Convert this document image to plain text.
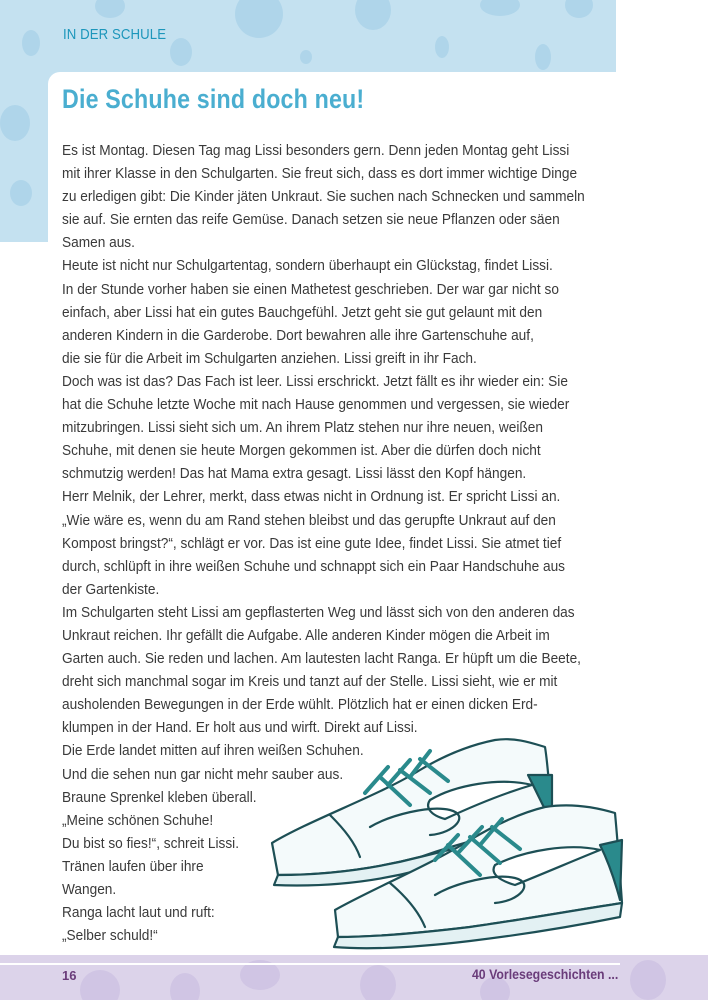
IN DER SCHULE
Die Schuhe sind doch neu!
Es ist Montag. Diesen Tag mag Lissi besonders gern. Denn jeden Montag geht Lissi
mit ihrer Klasse in den Schulgarten. Sie freut sich, dass es dort immer wichtige Dinge
zu erledigen gibt: Die Kinder jäten Unkraut. Sie suchen nach Schnecken und sammeln
sie auf. Sie ernten das reife Gemüse. Danach setzen sie neue Pflanzen oder säen
Samen aus.
Heute ist nicht nur Schulgartentag, sondern überhaupt ein Glückstag, findet Lissi.
In der Stunde vorher haben sie einen Mathetest geschrieben. Der war gar nicht so
einfach, aber Lissi hat ein gutes Bauchgefühl. Jetzt geht sie gut gelaunt mit den
anderen Kindern in die Garderobe. Dort bewahren alle ihre Gartenschuhe auf,
die sie für die Arbeit im Schulgarten anziehen. Lissi greift in ihr Fach.
Doch was ist das? Das Fach ist leer. Lissi erschrickt. Jetzt fällt es ihr wieder ein: Sie
hat die Schuhe letzte Woche mit nach Hause genommen und vergessen, sie wieder
mitzubringen. Lissi sieht sich um. An ihrem Platz stehen nur ihre neuen, weißen
Schuhe, mit denen sie heute Morgen gekommen ist. Aber die dürfen doch nicht
schmutzig werden! Das hat Mama extra gesagt. Lissi lässt den Kopf hängen.
Herr Melnik, der Lehrer, merkt, dass etwas nicht in Ordnung ist. Er spricht Lissi an.
„Wie wäre es, wenn du am Rand stehen bleibst und das gerupfte Unkraut auf den
Kompost bringst?“, schlägt er vor. Das ist eine gute Idee, findet Lissi. Sie atmet tief
durch, schlüpft in ihre weißen Schuhe und schnappt sich ein Paar Handschuhe aus
der Gartenkiste.
Im Schulgarten steht Lissi am gepflasterten Weg und lässt sich von den anderen das
Unkraut reichen. Ihr gefällt die Aufgabe. Alle anderen Kinder mögen die Arbeit im
Garten auch. Sie reden und lachen. Am lautesten lacht Ranga. Er hüpft um die Beete,
dreht sich manchmal sogar im Kreis und tanzt auf der Stelle. Lissi sieht, wie er mit
ausholenden Bewegungen in der Erde wühlt. Plötzlich hat er einen dicken Erd-
klumpen in der Hand. Er holt aus und wirft. Direkt auf Lissi.
Die Erde landet mitten auf ihren weißen Schuhen.
Und die sehen nun gar nicht mehr sauber aus.
Braune Sprenkel kleben überall.
„Meine schönen Schuhe!
Du bist so fies!“, schreit Lissi.
Tränen laufen über ihre
Wangen.
Ranga lacht laut und ruft:
„Selber schuld!“
16	40 Vorlesegeschichten ...
